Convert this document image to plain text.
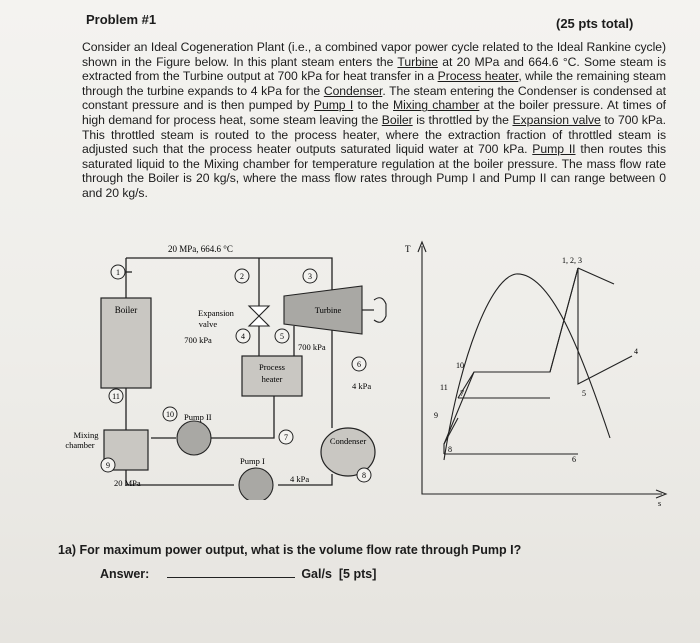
Problem #1	(25 pts total)
Consider an Ideal Cogeneration Plant (i.e., a combined vapor power cycle related to the Ideal Rankine cycle) shown in the Figure below. In this plant steam enters the Turbine at 20 MPa and 664.6 °C. Some steam is extracted from the Turbine output at 700 kPa for heat transfer in a Process heater, while the remaining steam through the turbine expands to 4 kPa for the Condenser. The steam entering the Condenser is condensed at constant pressure and is then pumped by Pump I to the Mixing chamber at the boiler pressure. At times of high demand for process heat, some steam leaving the Boiler is throttled by the Expansion valve to 700 kPa. This throttled steam is routed to the process heater, where the extraction fraction of throttled steam is adjusted such that the process heater outputs saturated liquid water at 700 kPa. Pump II then routes this saturated liquid to the Mixing chamber for temperature regulation at the boiler pressure. The mass flow rate through the Boiler is 20 kg/s, where the mass flow rates through Pump I and Pump II can range between 0 and 20 kg/s.
Boiler
Mixing
chamber
Expansion
valve
700 kPa
Turbine
700 kPa
Process
heater
4 kPa
Condenser
Pump II
Pump I
4 kPa
20 MPa
20 MPa, 664.6 °C
1	2	3
4	5
6
7
8
9
10
11
T
s
1, 2, 3
4
5
6
7
8
9
10
11
1a) For maximum power output, what is the volume flow rate through Pump I?
Answer:	Gal/s [5 pts]
